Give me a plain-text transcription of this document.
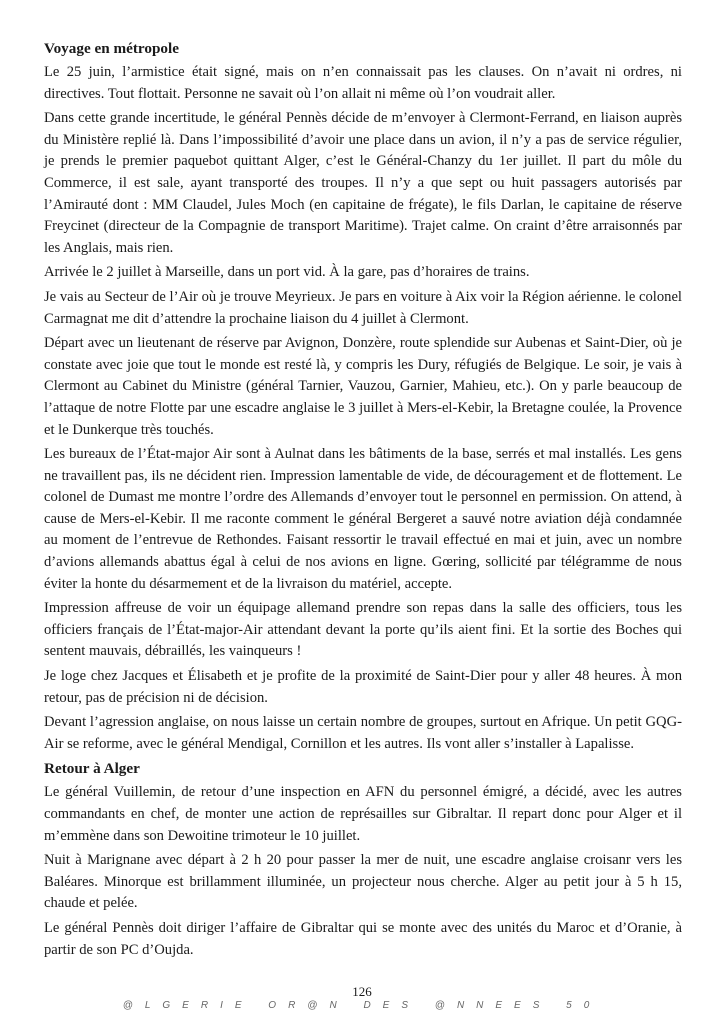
Voyage en métropole

Le 25 juin, l’armistice était signé, mais on n’en connaissait pas les clauses. On n’avait ni ordres, ni directives. Tout flottait. Personne ne savait où l’on allait ni même où l’on voudrait aller.

Dans cette grande incertitude, le général Pennès décide de m’envoyer à Clermont-Ferrand, en liaison auprès du Ministère replié là. Dans l’impossibilité d’avoir une place dans un avion, il n’y a pas de service régulier, je prends le premier paquebot quittant Alger, c’est le Général-Chanzy du 1er juillet. Il part du môle du Commerce, il est sale, ayant transporté des troupes. Il n’y a que sept ou huit passagers autorisés par l’Amirauté dont : MM Claudel, Jules Moch (en capitaine de frégate), le fils Darlan, le capitaine de réserve Freycinet (directeur de la Compagnie de transport Maritime). Trajet calme. On craint d’être arraisonnés par les Anglais, mais rien.

Arrivée le 2 juillet à Marseille, dans un port vid. À la gare, pas d’horaires de trains.

Je vais au Secteur de l’Air où je trouve Meyrieux. Je pars en voiture à Aix voir la Région aérienne. le colonel Carmagnat me dit d’attendre la prochaine liaison du 4 juillet à Clermont.

Départ avec un lieutenant de réserve par Avignon, Donzère, route splendide sur Aubenas et Saint-Dier, où je constate avec joie que tout le monde est resté là, y compris les Dury, réfugiés de Belgique. Le soir, je vais à Clermont au Cabinet du Ministre (général Tarnier, Vauzou, Garnier, Mahieu, etc.). On y parle beaucoup de l’attaque de notre Flotte par une escadre anglaise le 3 juillet à Mers-el-Kebir, la Bretagne coulée, la Provence et le Dunkerque très touchés.

Les bureaux de l’État-major Air sont à Aulnat dans les bâtiments de la base, serrés et mal installés. Les gens ne travaillent pas, ils ne décident rien. Impression lamentable de vide, de découragement et de flottement. Le colonel de Dumast me montre l’ordre des Allemands d’envoyer tout le personnel en permission. On attend, à cause de Mers-el-Kebir. Il me raconte comment le général Bergeret a sauvé notre aviation déjà condamnée au moment de l’entrevue de Rethondes. Faisant ressortir le travail effectué en mai et juin, avec un nombre d’avions allemands abattus égal à celui de nos avions en ligne. Gœring, sollicité par télégramme de nous éviter la honte du désarmement et de la livraison du matériel, accepte.

Impression affreuse de voir un équipage allemand prendre son repas dans la salle des officiers, tous les officiers français de l’État-major-Air attendant devant la porte qu’ils aient fini. Et la sortie des Boches qui sentent mauvais, débraillés, les vainqueurs !

Je loge chez Jacques et Élisabeth et je profite de la proximité de Saint-Dier pour y aller 48 heures. À mon retour, pas de précision ni de décision.

Devant l’agression anglaise, on nous laisse un certain nombre de groupes, surtout en Afrique. Un petit GQG-Air se reforme, avec le général Mendigal, Cornillon et les autres. Ils vont aller s’installer à Lapalisse.

Retour à Alger

Le général Vuillemin, de retour d’une inspection en AFN du personnel émigré, a décidé, avec les autres commandants en chef, de monter une action de représailles sur Gibraltar. Il repart donc pour Alger et il m’emmène dans son Dewoitine trimoteur le 10 juillet.

Nuit à Marignane avec départ à 2 h 20 pour passer la mer de nuit, une escadre anglaise croisanr vers les Baléares. Minorque est brillamment illuminée, un projecteur nous cherche. Alger au petit jour à 5 h 15, chaude et pelée.

Le général Pennès doit diriger l’affaire de Gibraltar qui se monte avec des unités du Maroc et d’Oranie, à partir de son PC d’Oujda.

126
@LGERIE OR@N DES @NNEES 50
